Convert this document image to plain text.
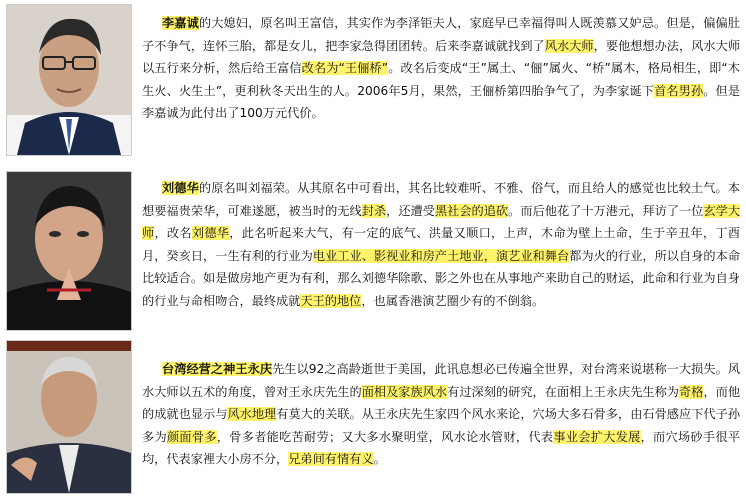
李嘉诚的大媳妇，原名叫王富信，其实作为李泽钜夫人，家庭早已幸福得叫人既羡慕又妒忌。但是，偏偏肚子不争气，连怀三胎，都是女儿，把李家急得团团转。后来李嘉诚就找到了风水大师，要他想想办法，风水大师以五行来分析，然后给王富信改名为“王俪桥”。改名后变成“王”属土、“俪”属火、“桥”属木，格局相生，即“木生火、火生土”，更利秋冬天出生的人。2006年5月，果然，王俪桥第四胎争气了，为李家诞下首名男孙。但是李嘉诚为此付出了100万元代价。
刘德华的原名叫刘福荣。从其原名中可看出，其名比较难听、不雅、俗气，而且给人的感觉也比较土气。本想要福贵荣华，可难遂愿，被当时的无线封杀，还遭受黑社会的追砍。而后他花了十万港元，拜访了一位玄学大师，改名刘德华，此名听起来大气，有一定的底气、洪量又顺口，上声，木命为壁上土命，生于辛丑年，丁酉月，癸亥日，一生有利的行业为电业工业、影视业和房产土地业，演艺业和舞台都为火的行业，所以自身的本命比较适合。如是做房地产更为有利，那么刘德华除歌、影之外也在从事地产来助自己的财运，此命和行业为自身的行业与命相吻合，最终成就天王的地位，也属香港演艺圈少有的不倒翁。
台湾经营之神王永庆先生以92之高龄逝世于美国，此讯息想必已传遍全世界，对台湾来说堪称一大损失。风水大师以五术的角度，曾对王永庆先生的面相及家族风水有过深刻的研究，在面相上王永庆先生称为奇格，而他的成就也显示与风水地理有莫大的关联。从王永庆先生家四个风水来论，穴场大多石骨多，由石骨感应下代子孙多为颜面骨多，骨多者能吃苦耐劳；又大多水聚明堂，风水论水管财，代表事业会扩大发展，而穴场砂手很平均，代表家裡大小房不分，兄弟间有情有义。
